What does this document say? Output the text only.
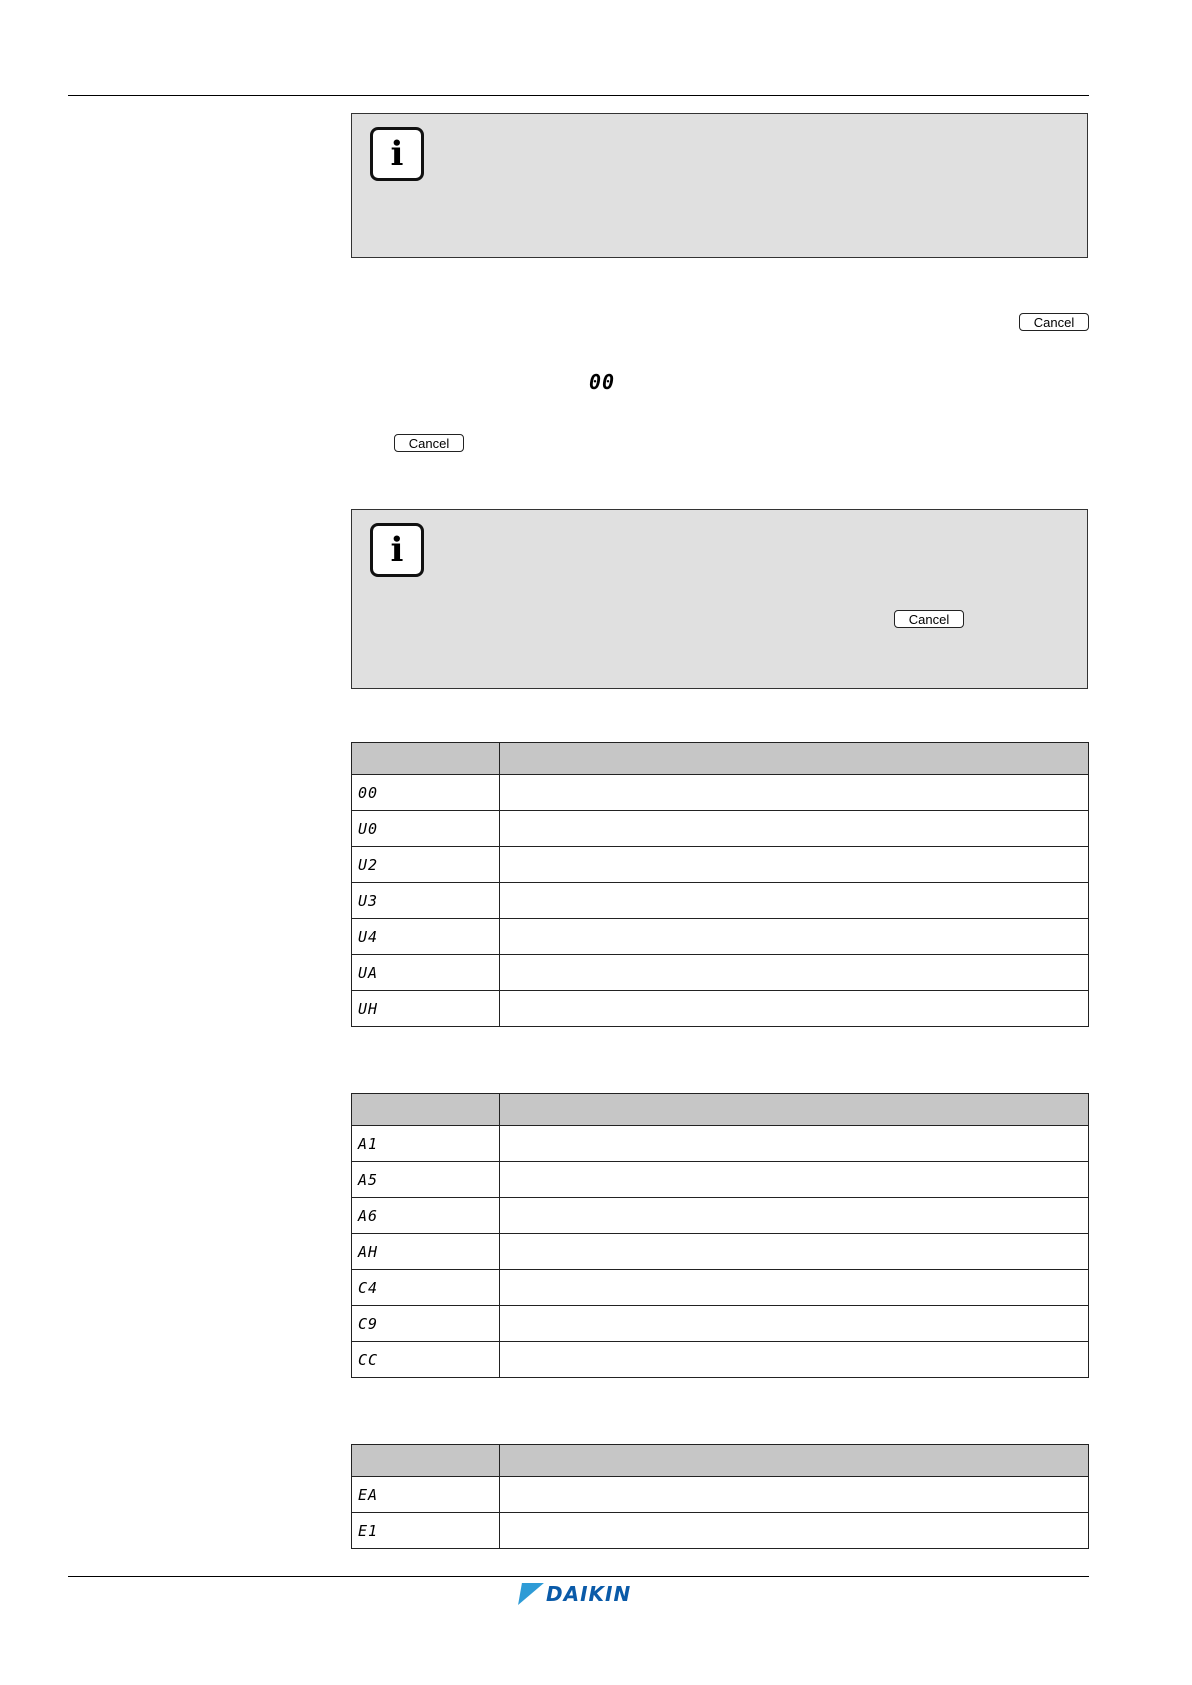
i
Cancel
00
Cancel
i
Cancel

00	
U0	
U2	
U3	
U4	
UA	
UH	

A1	
A5	
A6	
AH	
C4	
C9	
CC	

EA	
E1	
DAIKIN
